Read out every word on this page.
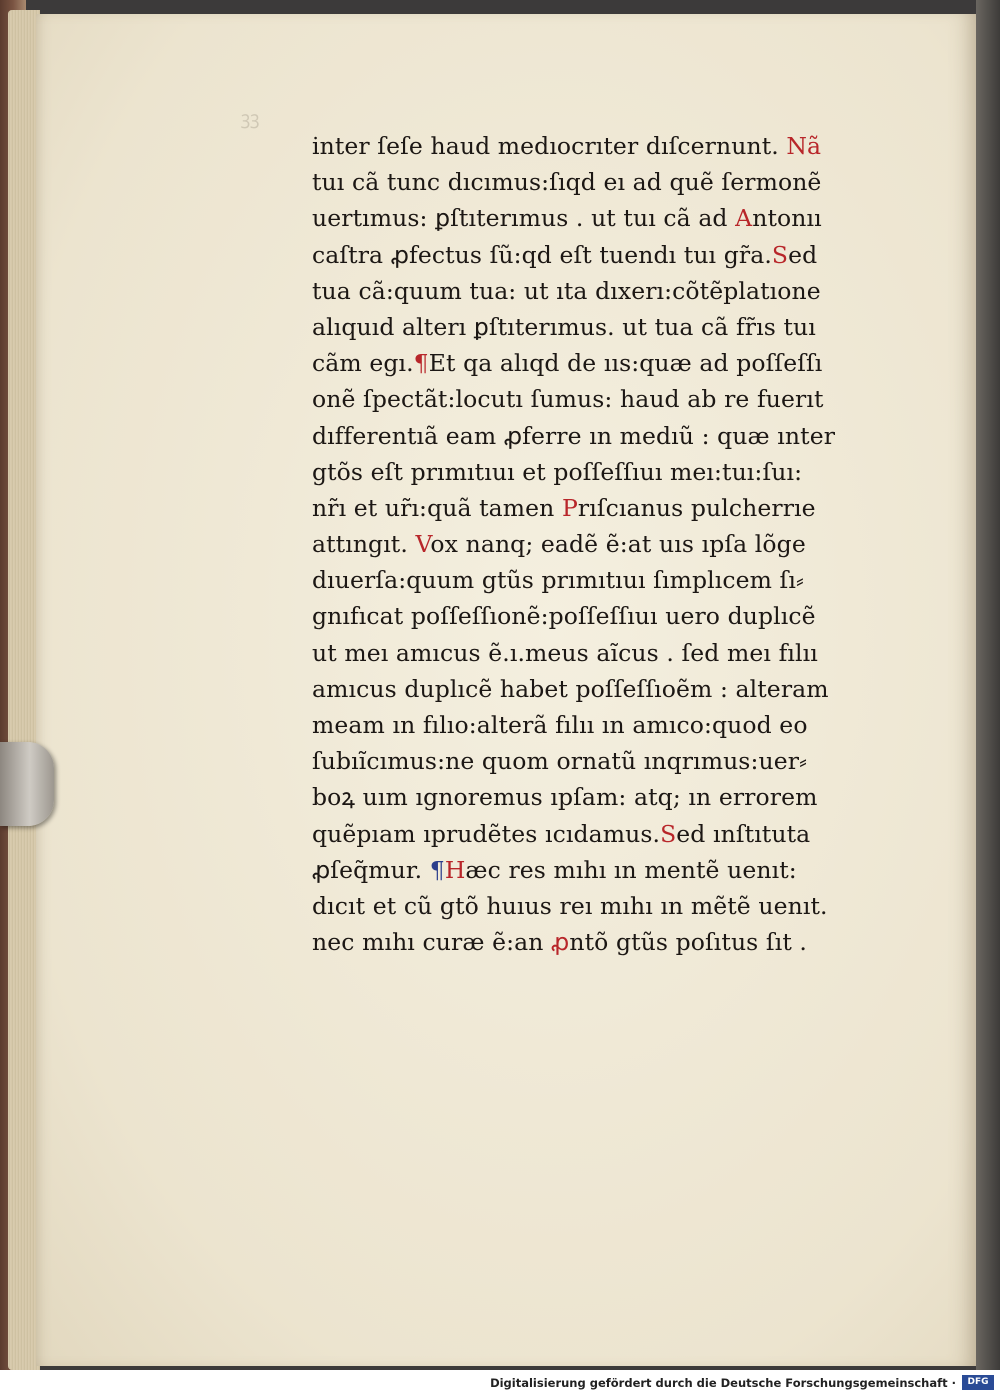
ꝫꝫ
inter ſeſe haud medıocrıter dıſcernunt. Nã
tuı cã tunc dıcımus:ſıqd eı ad quẽ ſermonẽ
uertımus: ꝑſtıterımus . ut tuı cã ad Antonıı
caſtra ꝓfectus ſũ:qd eſt tuendı tuı gr̃a.Sed
tua cã:quum tua: ut ıta dıxerı:cõtẽplatıone
alıquıd alterı ꝑſtıterımus. ut tua cã fr̃ıs tuı
cãm egı.¶Et qa alıqd de ııs:quæ ad poſſeſſı
onẽ ſpectãt:locutı ſumus: haud ab re fuerıt
dıfferentıã eam ꝓferre ın medıũ : quæ ınter
gtõs eſt prımıtıuı et poſſeſſıuı meı:tuı:ſuı:
nr̃ı et ur̃ı:quã tamen Prıſcıanus pulcherrıe
attıngıt. Vox nanq; eadẽ ẽ:at uıs ıpſa lõge
dıuerſa:quum gtũs prımıtıuı ſımplıcem ſı⸗
gnıfıcat poſſeſſıonẽ:poſſeſſıuı uero duplıcẽ
ut meı amıcus ẽ.ı.meus aı̃cus . ſed meı fılıı
amıcus duplıcẽ habet poſſeſſıoẽm : alteram
meam ın fılıo:alterã fılıı ın amıco:quod eo
ſubıı̃cımus:ne quom ornatũ ınqrımus:uer⸗
boꝝ uım ıgnoremus ıpſam: atq; ın errorem
quẽpıam ıprudẽtes ıcıdamus.Sed ınſtıtuta
ꝓſeq̃mur. ¶Hæc res mıhı ın mentẽ uenıt:
dıcıt et cũ gtõ huıus reı mıhı ın mẽtẽ uenıt.
nec mıhı curæ ẽ:an ꝓntõ gtũs poſıtus ſıt .
Digitalisierung gefördert durch die Deutsche Forschungsgemeinschaft ·	DFG
